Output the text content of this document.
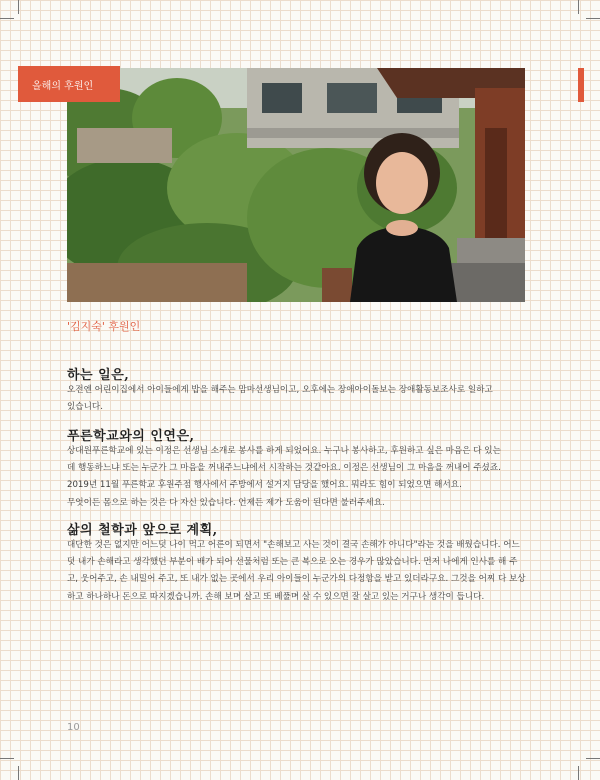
올해의 후원인
'김지숙' 후원인
하는 일은,

오전엔 어린이집에서 아이들에게 밥을 해주는 맘마선생님이고, 오후에는 장애아이돌보는 장애활동보조사로 일하고

있습니다.

푸른학교와의 인연은,

상대원푸른학교에 있는 이정은 선생님 소개로 봉사를 하게 되었어요. 누구나 봉사하고, 후원하고 싶은 마음은 다 있는

데 행동하느냐 또는 누군가 그 마음을 꺼내주느냐에서 시작하는 것같아요. 이정은 선생님이 그 마음을 꺼내어 주셨죠.

2019년 11월 푸른학교 후원주점 행사에서 주방에서 설거지 담당을 했어요. 뭐라도 힘이 되었으면 해서요.

무엇이든 몸으로 하는 것은 다 자신 있습니다. 언제든 제가 도움이 된다면 불러주세요.

삶의 철학과 앞으로 계획,

대단한 것은 없지만 어느덧 나이 먹고 어른이 되면서 "손해보고 사는 것이 결국 손해가 아니다"라는 것을 배웠습니다. 어느

덧 내가 손해라고 생각했던 부분이 배가 되어 선물처럼 또는 큰 복으로 오는 경우가 많았습니다. 먼저 나에게 인사를 해 주

고, 웃어주고, 손 내밀어 주고, 또 내가 없는 곳에서 우리 아이들이 누군가의 다정함을 받고 있더라구요. 그것을 어찌 다 보상

하고 하나하나 돈으로 따지겠습니까. 손해 보며 살고 또 베풀며 살 수 있으면 잘 살고 있는 거구나 생각이 듭니다.

10
